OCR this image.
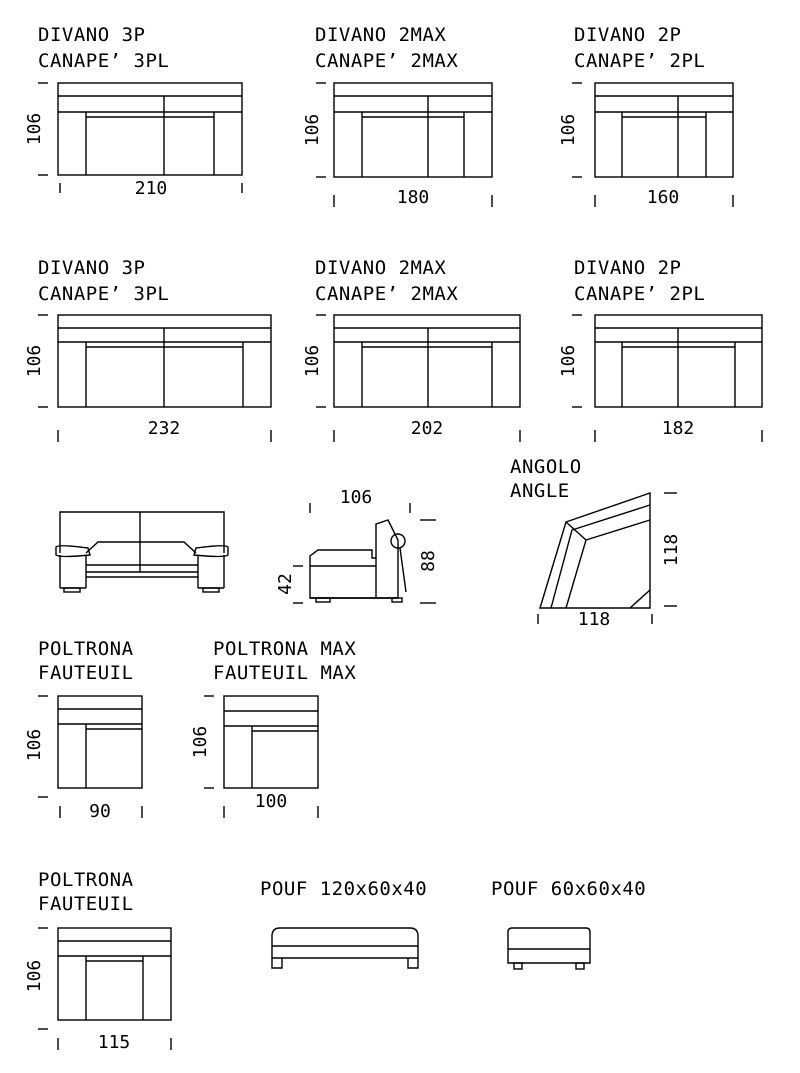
DIVANO 3P
CANAPE’ 3PL
106
210
DIVANO 2MAX
CANAPE’ 2MAX
106
180
DIVANO 2P
CANAPE’ 2PL
106
160
DIVANO 3P
CANAPE’ 3PL
106
232
DIVANO 2MAX
CANAPE’ 2MAX
106
202
DIVANO 2P
CANAPE’ 2PL
106
182
106
42
88
ANGOLO
ANGLE
118
118
POLTRONA
FAUTEUIL
106
90
POLTRONA MAX
FAUTEUIL MAX
106
100
POLTRONA
FAUTEUIL
106
115
POUF 120x60x40	POUF 60x60x40
